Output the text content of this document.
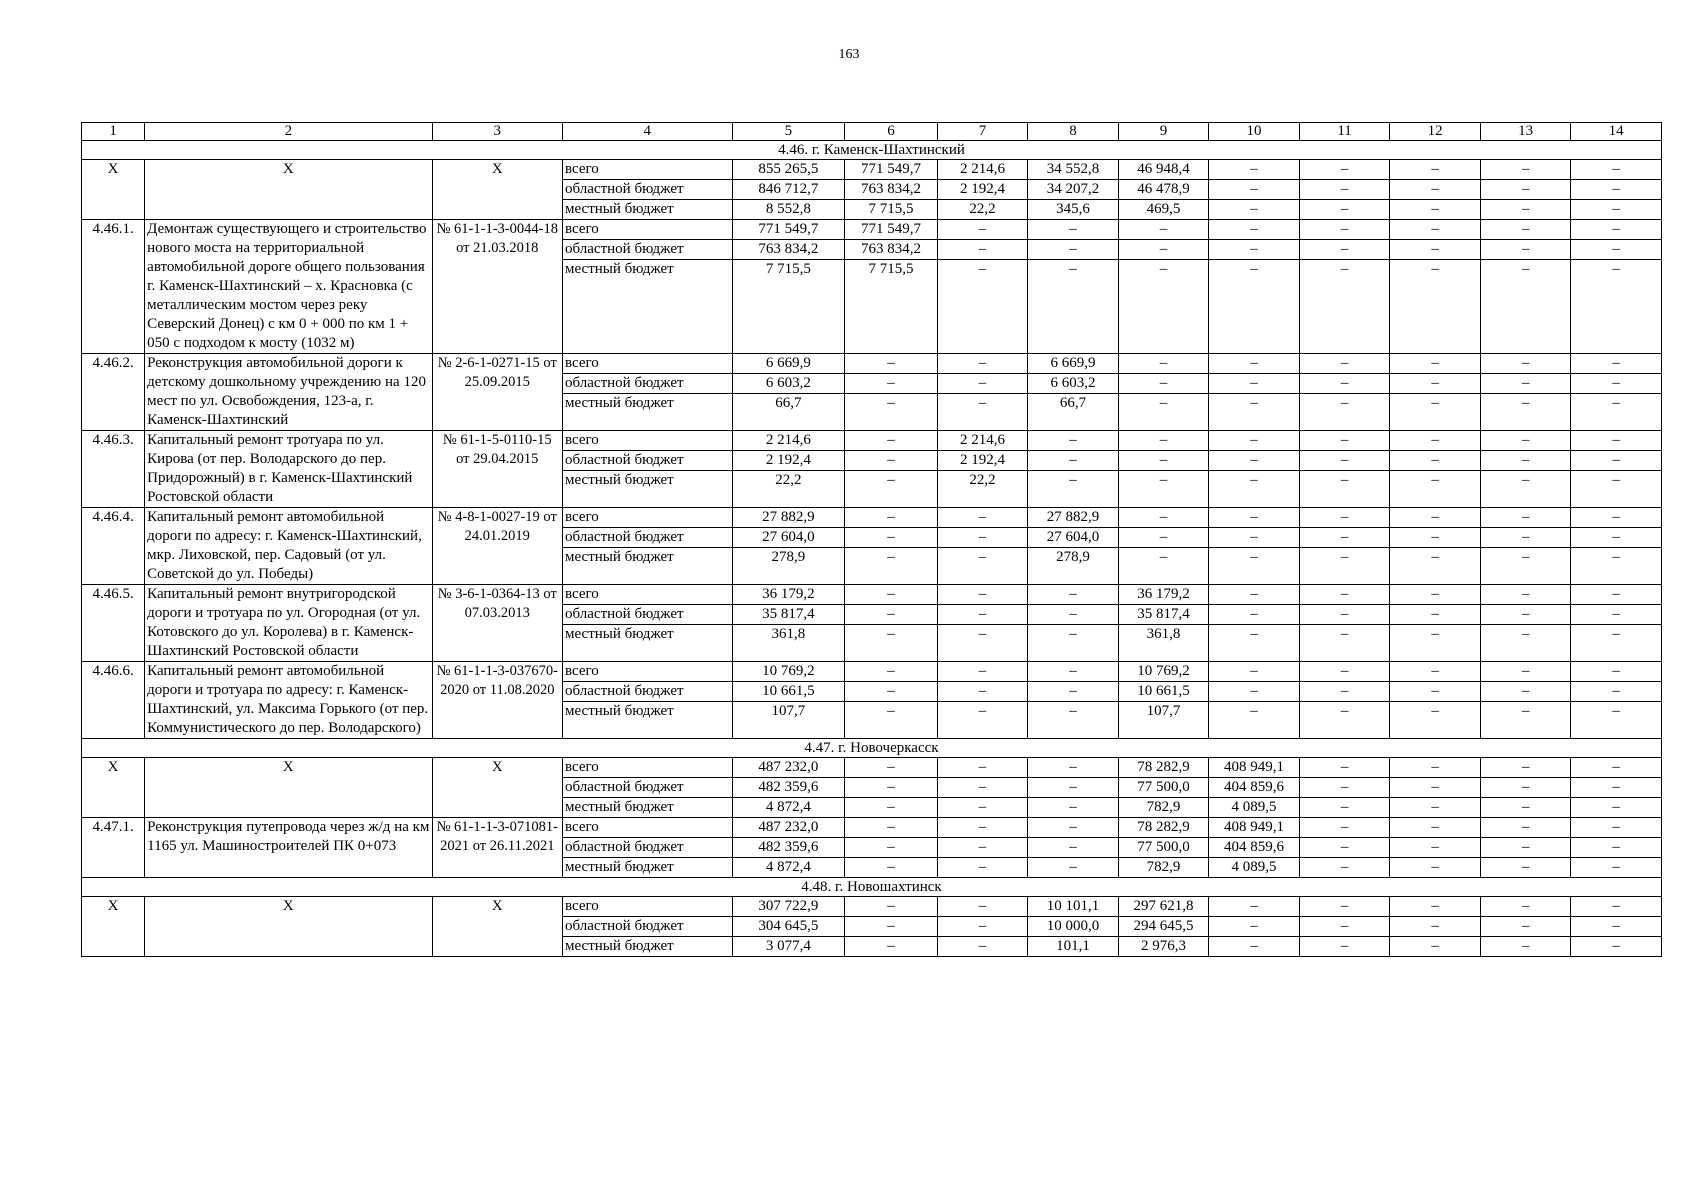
163
1	2	3	4	5	6	7	8	9	10	11	12	13	14
4.46. г. Каменск-Шахтинский													
Х	Х	Х	всего	855 265,5	771 549,7	2 214,6	34 552,8	46 948,4	–	–	–	–	–
			областной бюджет	846 712,7	763 834,2	2 192,4	34 207,2	46 478,9	–	–	–	–	–
			местный бюджет	8 552,8	7 715,5	22,2	345,6	469,5	–	–	–	–	–
4.46.1.	Демонтаж существующего и строительство нового моста на территориальной автомобильной дороге общего пользования г. Каменск-Шахтинский – х. Красновка (с металлическим мостом через реку Северский Донец) с км 0 + 000 по км 1 + 050 с подходом к мосту (1032 м)	№ 61-1-1-3-0044-18 от 21.03.2018	всего	771 549,7	771 549,7	–	–	–	–	–	–	–	–
			областной бюджет	763 834,2	763 834,2	–	–	–	–	–	–	–	–
			местный бюджет	7 715,5	7 715,5	–	–	–	–	–	–	–	–

4.46.2.	Реконструкция автомобильной дороги к детскому дошкольному учреждению на 120 мест по ул. Освобождения, 123-а, г. Каменск-Шахтинский	№ 2-6-1-0271-15 от 25.09.2015	всего	6 669,9	–	–	6 669,9	–	–	–	–	–	–
			областной бюджет	6 603,2	–	–	6 603,2	–	–	–	–	–	–
			местный бюджет	66,7	–	–	66,7	–	–	–	–	–	–

4.46.3.	Капитальный ремонт тротуара по ул. Кирова (от пер. Володарского до пер. Придорожный) в г. Каменск-Шахтинский Ростовской области	№ 61-1-5-0110-15 от 29.04.2015	всего	2 214,6	–	2 214,6	–	–	–	–	–	–	–
			областной бюджет	2 192,4	–	2 192,4	–	–	–	–	–	–	–
			местный бюджет	22,2	–	22,2	–	–	–	–	–	–	–

4.46.4.	Капитальный ремонт автомобильной дороги по адресу: г. Каменск-Шахтинский, мкр. Лиховской, пер. Садовый (от ул. Советской до ул. Победы)	№ 4-8-1-0027-19 от 24.01.2019	всего	27 882,9	–	–	27 882,9	–	–	–	–	–	–
			областной бюджет	27 604,0	–	–	27 604,0	–	–	–	–	–	–
			местный бюджет	278,9	–	–	278,9	–	–	–	–	–	–

4.46.5.	Капитальный ремонт внутригородской дороги и тротуара по ул. Огородная (от ул. Котовского до ул. Королева) в г. Каменск-Шахтинский Ростовской области	№ 3-6-1-0364-13 от 07.03.2013	всего	36 179,2	–	–	–	36 179,2	–	–	–	–	–
			областной бюджет	35 817,4	–	–	–	35 817,4	–	–	–	–	–
			местный бюджет	361,8	–	–	–	361,8	–	–	–	–	–

4.46.6.	Капитальный ремонт автомобильной дороги и тротуара по адресу: г. Каменск-Шахтинский, ул. Максима Горького (от пер. Коммунистического до пер. Володарского)	№ 61-1-1-3-037670-2020 от 11.08.2020	всего	10 769,2	–	–	–	10 769,2	–	–	–	–	–
			областной бюджет	10 661,5	–	–	–	10 661,5	–	–	–	–	–
			местный бюджет	107,7	–	–	–	107,7	–	–	–	–	–

4.47. г. Новочеркасск													
Х	Х	Х	всего	487 232,0	–	–	–	78 282,9	408 949,1	–	–	–	–
			областной бюджет	482 359,6	–	–	–	77 500,0	404 859,6	–	–	–	–
			местный бюджет	4 872,4	–	–	–	782,9	4 089,5	–	–	–	–
4.47.1.	Реконструкция путепровода через ж/д на км 1165 ул. Машиностроителей ПК 0+073	№ 61-1-1-3-071081-2021 от 26.11.2021	всего	487 232,0	–	–	–	78 282,9	408 949,1	–	–	–	–
			областной бюджет	482 359,6	–	–	–	77 500,0	404 859,6	–	–	–	–
			местный бюджет	4 872,4	–	–	–	782,9	4 089,5	–	–	–	–
4.48. г. Новошахтинск													
Х	Х	Х	всего	307 722,9	–	–	10 101,1	297 621,8	–	–	–	–	–
			областной бюджет	304 645,5	–	–	10 000,0	294 645,5	–	–	–	–	–
			местный бюджет	3 077,4	–	–	101,1	2 976,3	–	–	–	–	–
